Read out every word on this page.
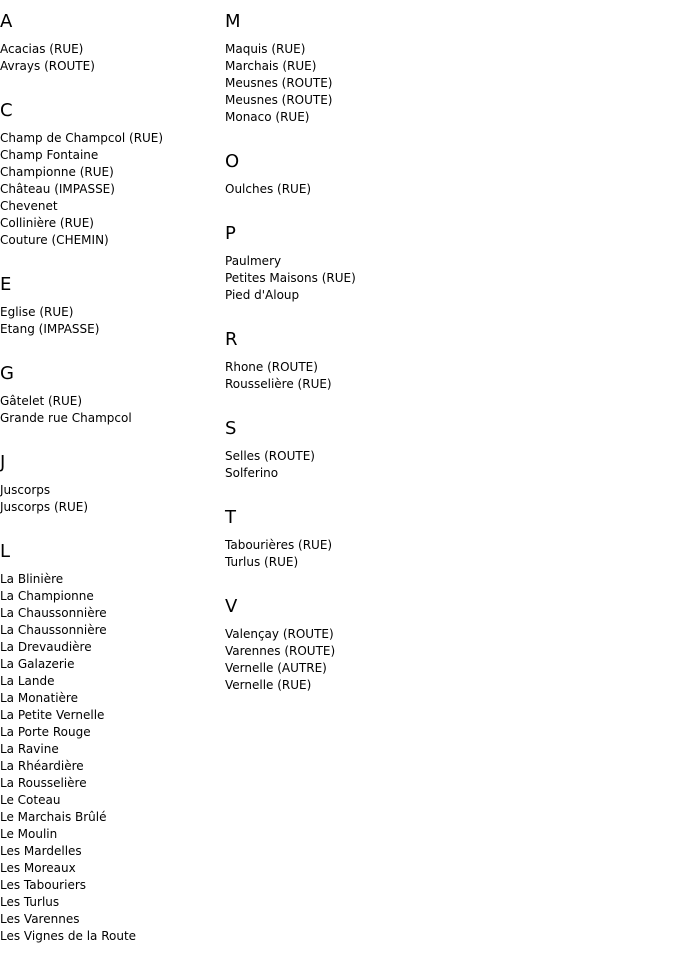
A
Acacias (RUE)
Avrays (ROUTE)
C
Champ de Champcol (RUE)
Champ Fontaine
Championne (RUE)
Château (IMPASSE)
Chevenet
Collinière (RUE)
Couture (CHEMIN)
E
Eglise (RUE)
Etang (IMPASSE)
G
Gâtelet (RUE)
Grande rue Champcol
J
Juscorps
Juscorps (RUE)
L
La Blinière
La Championne
La Chaussonnière
La Chaussonnière
La Drevaudière
La Galazerie
La Lande
La Monatière
La Petite Vernelle
La Porte Rouge
La Ravine
La Rhéardière
La Rousselière
Le Coteau
Le Marchais Brûlé
Le Moulin
Les Mardelles
Les Moreaux
Les Tabouriers
Les Turlus
Les Varennes
Les Vignes de la Route
M
Maquis (RUE)
Marchais (RUE)
Meusnes (ROUTE)
Meusnes (ROUTE)
Monaco (RUE)
O
Oulches (RUE)
P
Paulmery
Petites Maisons (RUE)
Pied d'Aloup
R
Rhone (ROUTE)
Rousselière (RUE)
S
Selles (ROUTE)
Solferino
T
Tabourières (RUE)
Turlus (RUE)
V
Valençay (ROUTE)
Varennes (ROUTE)
Vernelle (AUTRE)
Vernelle (RUE)
